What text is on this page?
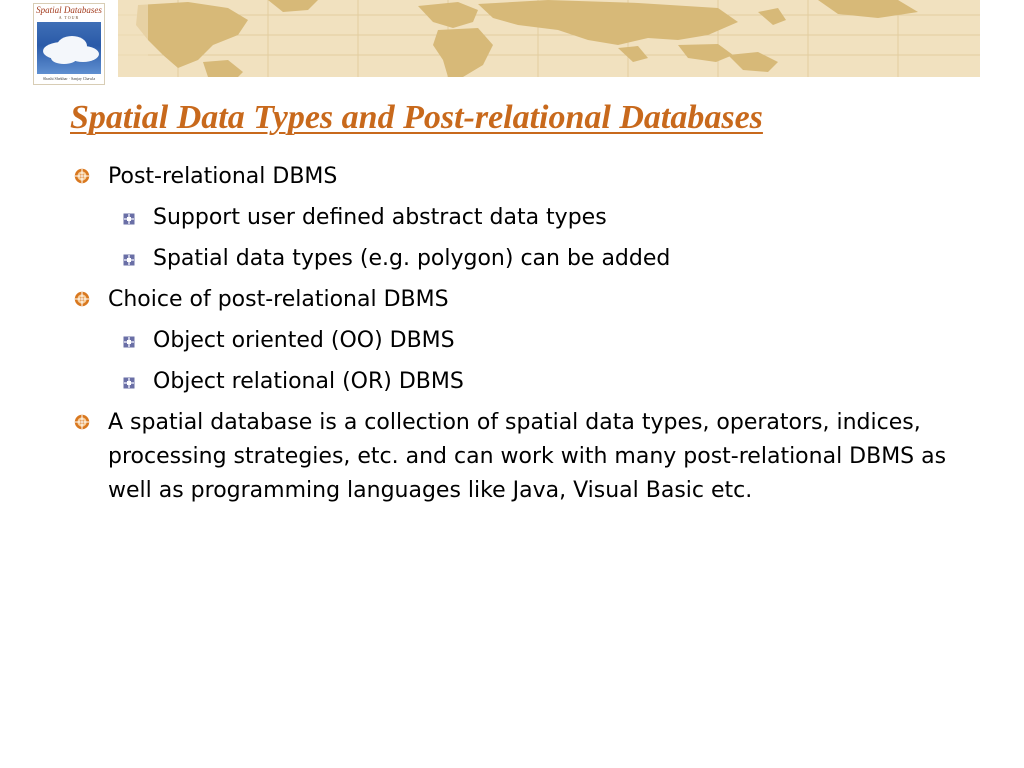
Spatial Databases
A TOUR
Shashi Shekhar · Sanjay Chawla
Spatial Data Types and Post-relational Databases
Post-relational DBMS
Support user defined abstract data types
Spatial data types (e.g. polygon) can be added
Choice of post-relational DBMS
Object oriented (OO) DBMS
Object relational (OR) DBMS
A spatial database is a collection of spatial data types, operators, indices, processing strategies, etc. and can work with many post-relational DBMS as well as programming languages like Java, Visual Basic etc.
